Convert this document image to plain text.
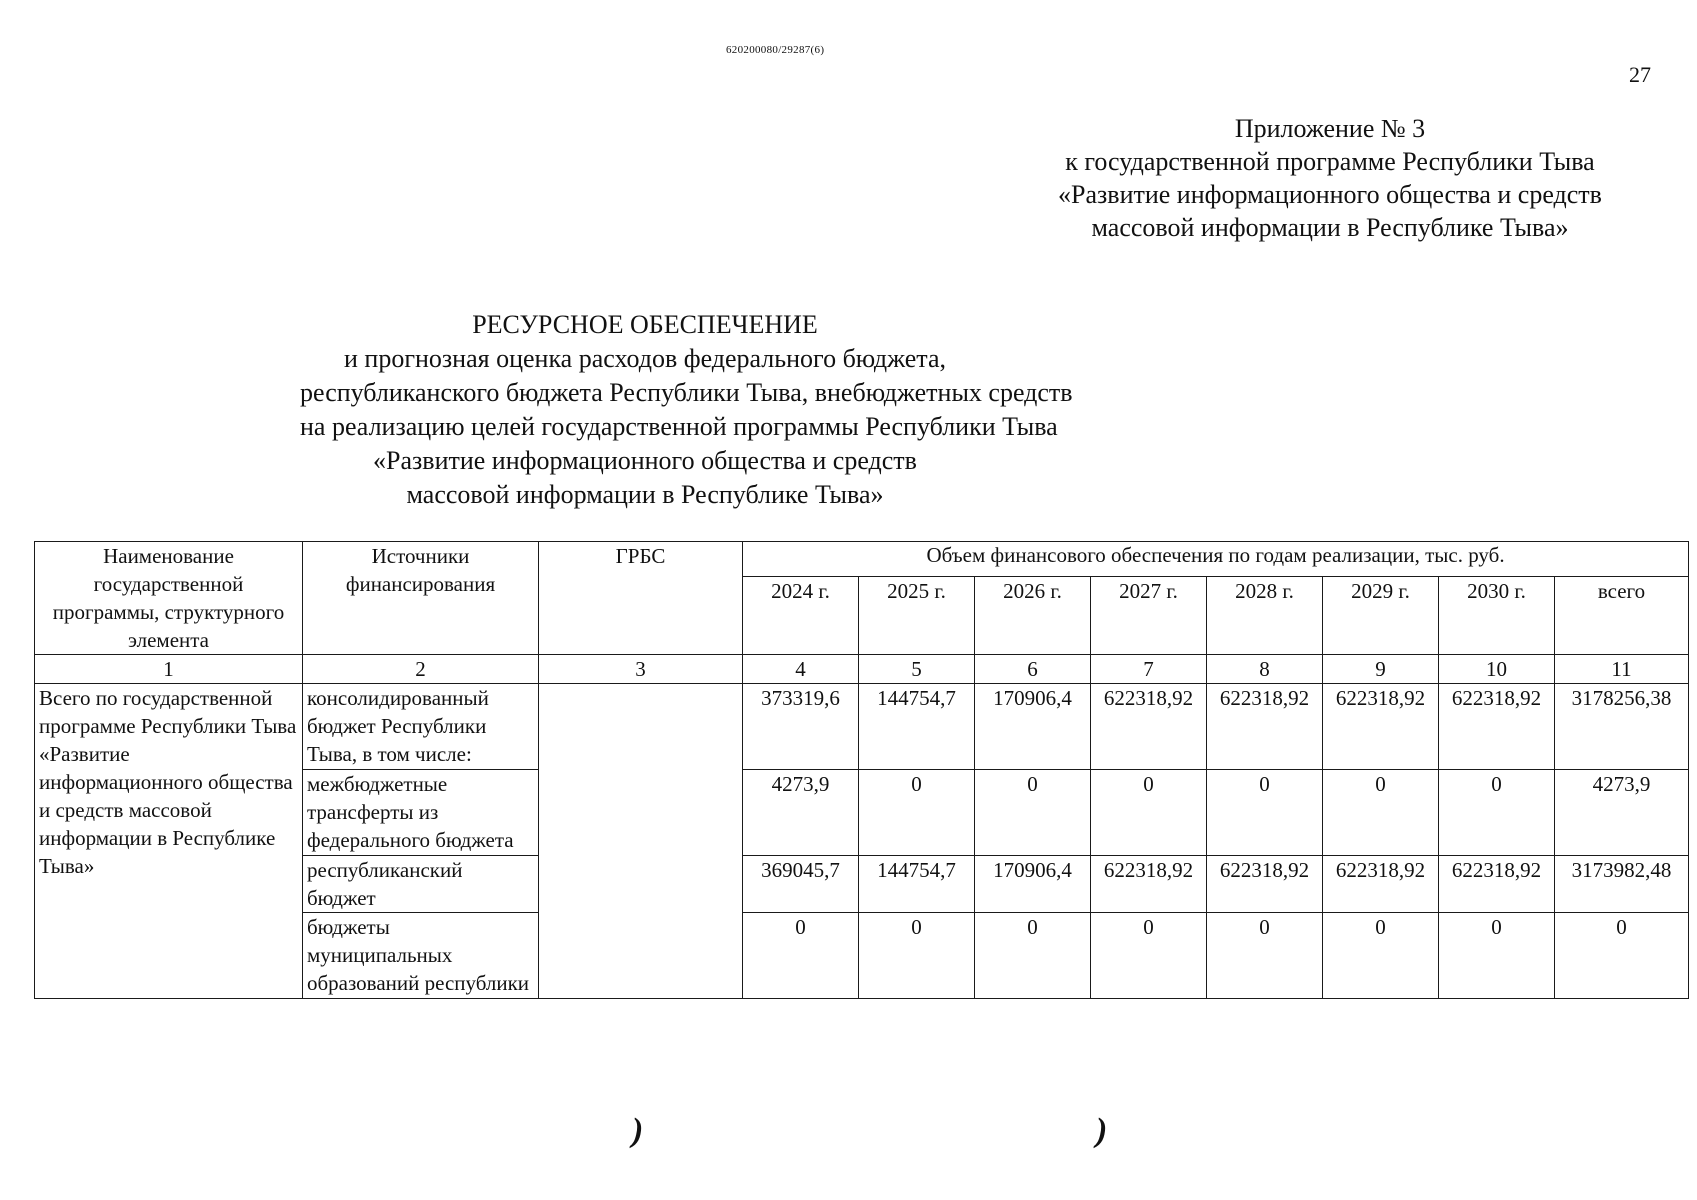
620200080/29287(6)
27
Приложение № 3
к государственной программе Республики Тыва
«Развитие информационного общества и средств
массовой информации в Республике Тыва»
РЕСУРСНОЕ ОБЕСПЕЧЕНИЕ
и прогнозная оценка расходов федерального бюджета,
республиканского бюджета Республики Тыва, внебюджетных средств
на реализацию целей государственной программы Республики Тыва
«Развитие информационного общества и средств
массовой информации в Республике Тыва»
Наименование государственной программы, структурного элемента	Источники финансирования	ГРБС	Объем финансового обеспечения по годам реализации, тыс. руб.							
			2024 г.	2025 г.	2026 г.	2027 г.	2028 г.	2029 г.	2030 г.	всего
1	2	3	4	5	6	7	8	9	10	11
Всего по государственной программе Республики Тыва «Развитие информационного общества и средств массовой информации в Республике Тыва»	консолидированный бюджет Республики Тыва, в том числе:		373319,6	144754,7	170906,4	622318,92	622318,92	622318,92	622318,92	3178256,38
	межбюджетные трансферты из федерального бюджета		4273,9	0	0	0	0	0	0	4273,9
	республиканский бюджет		369045,7	144754,7	170906,4	622318,92	622318,92	622318,92	622318,92	3173982,48
	бюджеты муниципальных образований республики		0	0	0	0	0	0	0	0
)	)
